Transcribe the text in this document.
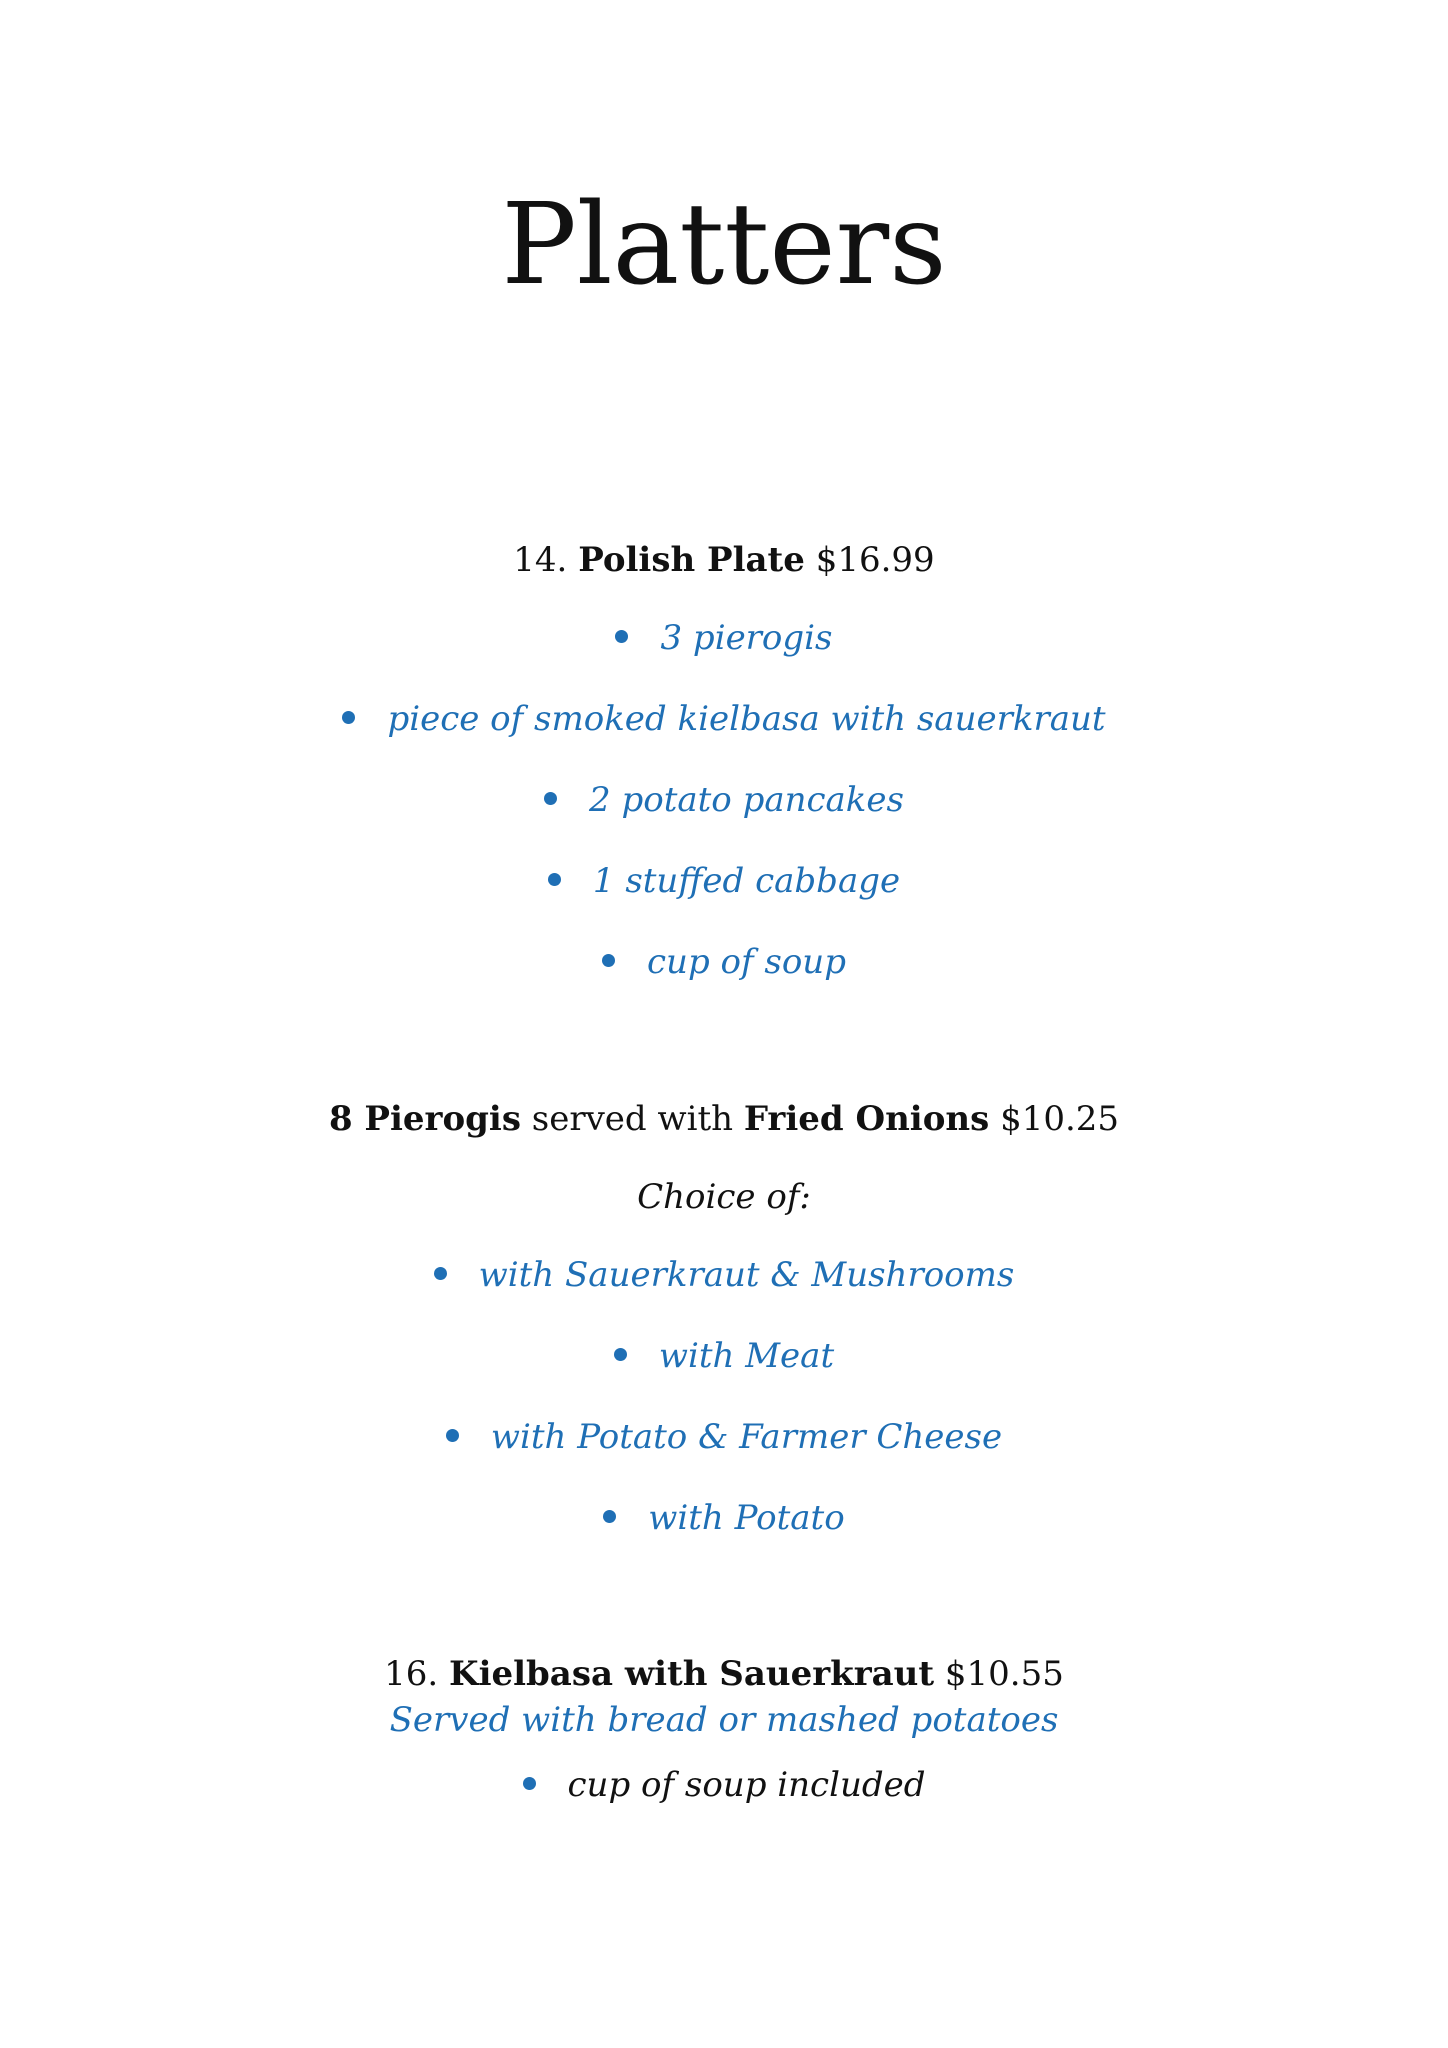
Platters
14. Polish Plate $16.99
3 pierogis
piece of smoked kielbasa with sauerkraut
2 potato pancakes
1 stuffed cabbage
cup of soup
8 Pierogis served with Fried Onions $10.25
Choice of:
with Sauerkraut & Mushrooms
with Meat
with Potato & Farmer Cheese
with Potato
16. Kielbasa with Sauerkraut $10.55
Served with bread or mashed potatoes
cup of soup included
